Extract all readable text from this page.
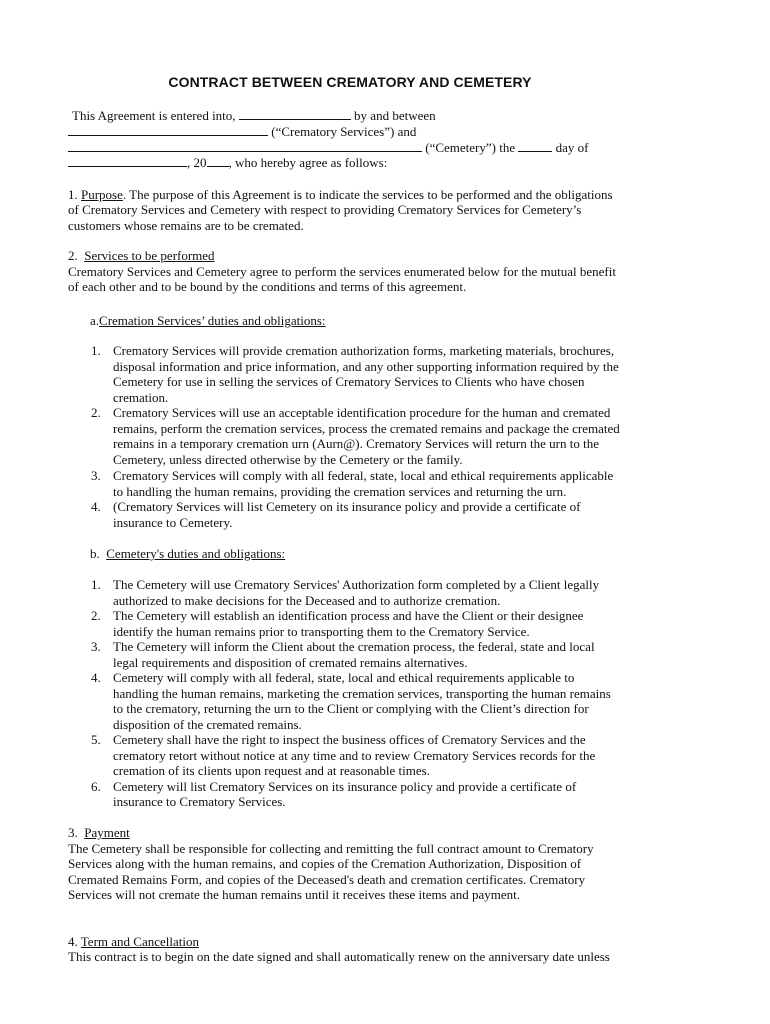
CONTRACT BETWEEN CREMATORY AND CEMETERY
This Agreement is entered into,	by and between
(“Crematory Services”) and
(“Cemetery”) the	day of
, 20 , who hereby agree as follows:
1. Purpose. The purpose of this Agreement is to indicate the services to be performed and the obligations
of Crematory Services and Cemetery with respect to providing Crematory Services for Cemetery’s
customers whose remains are to be cremated.
2. Services to be performed
Crematory Services and Cemetery agree to perform the services enumerated below for the mutual benefit
of each other and to be bound by the conditions and terms of this agreement.
a.Cremation Services’ duties and obligations:
1. Crematory Services will provide cremation authorization forms, marketing materials, brochures,
disposal information and price information, and any other supporting information required by the
Cemetery for use in selling the services of Crematory Services to Clients who have chosen
cremation.
2. Crematory Services will use an acceptable identification procedure for the human and cremated
remains, perform the cremation services, process the cremated remains and package the cremated
remains in a temporary cremation urn (Aurn@). Crematory Services will return the urn to the
Cemetery, unless directed otherwise by the Cemetery or the family.
3. Crematory Services will comply with all federal, state, local and ethical requirements applicable
to handling the human remains, providing the cremation services and returning the urn.
4. (Crematory Services will list Cemetery on its insurance policy and provide a certificate of
insurance to Cemetery.
b. Cemetery's duties and obligations:
1. The Cemetery will use Crematory Services' Authorization form completed by a Client legally
authorized to make decisions for the Deceased and to authorize cremation.
2. The Cemetery will establish an identification process and have the Client or their designee
identify the human remains prior to transporting them to the Crematory Service.
3. The Cemetery will inform the Client about the cremation process, the federal, state and local
legal requirements and disposition of cremated remains alternatives.
4. Cemetery will comply with all federal, state, local and ethical requirements applicable to
handling the human remains, marketing the cremation services, transporting the human remains
to the crematory, returning the urn to the Client or complying with the Client’s direction for
disposition of the cremated remains.
5. Cemetery shall have the right to inspect the business offices of Crematory Services and the
crematory retort without notice at any time and to review Crematory Services records for the
cremation of its clients upon request and at reasonable times.
6. Cemetery will list Crematory Services on its insurance policy and provide a certificate of
insurance to Crematory Services.
3. Payment
The Cemetery shall be responsible for collecting and remitting the full contract amount to Crematory
Services along with the human remains, and copies of the Cremation Authorization, Disposition of
Cremated Remains Form, and copies of the Deceased's death and cremation certificates. Crematory
Services will not cremate the human remains until it receives these items and payment.
4. Term and Cancellation
This contract is to begin on the date signed and shall automatically renew on the anniversary date unless
